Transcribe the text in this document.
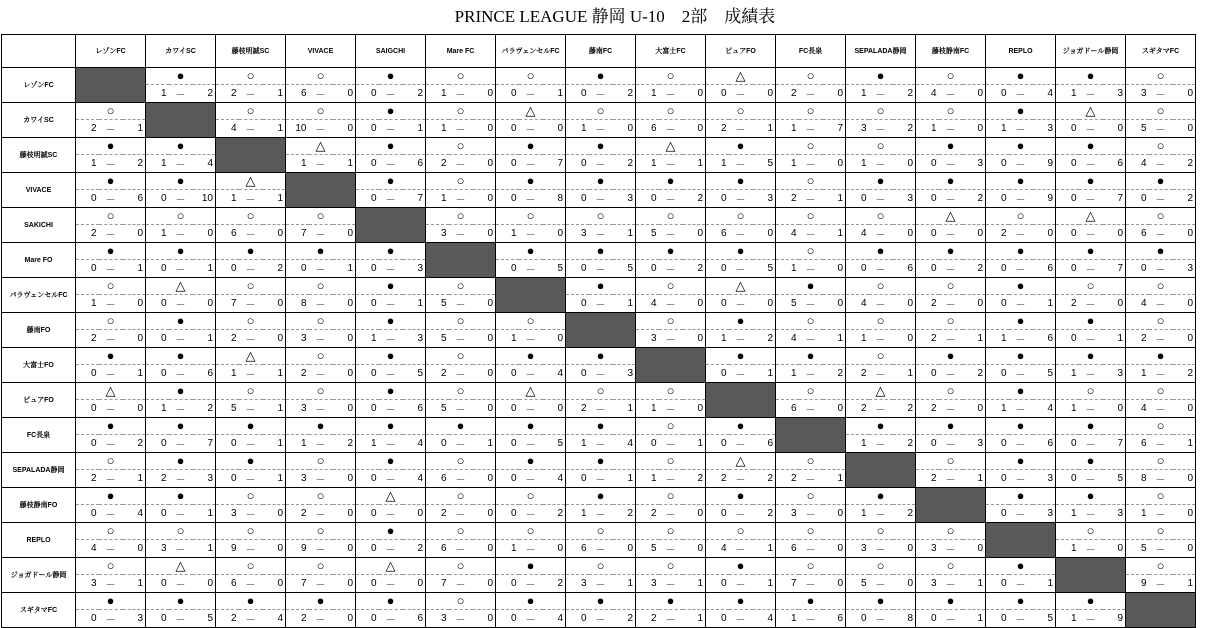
PRINCE LEAGUE 静岡 U-10　2部　成績表
	レゾンFC			カワイSC			藤枝明誠SC			VIVACE			SAIGCHI			Mare FC			パラヴェンセルFC			藤南FC			大富士FC			ピュアFO			FC長泉			SEPALADA静岡			藤枝静南FC			REPLO			ジョガドール静岡			スギタマFC		
レゾンFC				●			○			○			●			○			○			●			○			△			○			●			○			●			●			○		
				1	－	2	2	－	1	6	－	0	0	－	2	1	－	0	0	－	1	0	－	2	1	－	0	0	－	0	2	－	0	1	－	2	4	－	0	0	－	4	1	－	3	3	－	0
カワイSC	○						○			○			●			○			△			○			○			○			○			○			○			●			△			○		
	2	－	1				4	－	1	10	－	0	0	－	1	1	－	0	0	－	0	1	－	0	6	－	0	2	－	1	1	－	7	3	－	2	1	－	0	1	－	3	0	－	0	5	－	0
藤枝明誠SC	●			●						△			●			○			●			●			△			●			○			○			●			●			●			○		
	1	－	2	1	－	4				1	－	1	0	－	6	2	－	0	0	－	7	0	－	2	1	－	1	1	－	5	1	－	0	1	－	0	0	－	3	0	－	9	0	－	6	4	－	2
VIVACE	●			●			△						●			○			●			●			●			●			○			●			●			●			●			●		
	0	－	6	0	－	10	1	－	1				0	－	7	1	－	0	0	－	8	0	－	3	0	－	2	0	－	3	2	－	1	0	－	3	0	－	2	0	－	9	0	－	7	0	－	2
SAKICHI	○			○			○			○						○			○			○			○			○			○			○			△			○			△			○		
	2	－	0	1	－	0	6	－	0	7	－	0				3	－	0	1	－	0	3	－	1	5	－	0	6	－	0	4	－	1	4	－	0	0	－	0	2	－	0	0	－	0	6	－	0
Mare FO	●			●			●			●			●						●			●			●			●			○			●			●			●			●			●		
	0	－	1	0	－	1	0	－	2	0	－	1	0	－	3				0	－	5	0	－	5	0	－	2	0	－	5	1	－	0	0	－	6	0	－	2	0	－	6	0	－	7	0	－	3
パラヴェンセルFC	○			△			○			○			●			○						●			○			△			●			○			○			●			○			○		
	1	－	0	0	－	0	7	－	0	8	－	0	0	－	1	5	－	0				0	－	1	4	－	0	0	－	0	5	－	0	4	－	0	2	－	0	0	－	1	2	－	0	4	－	0
藤南FO	○			●			○			○			●			○			○						○			●			○			○			○			●			●			○		
	2	－	0	0	－	1	2	－	0	3	－	0	1	－	3	5	－	0	1	－	0				3	－	0	1	－	2	4	－	1	1	－	0	2	－	1	1	－	6	0	－	1	2	－	0
大富士FO	●			●			△			○			●			○			●			●						●			●			○			●			●			●			●		
	0	－	1	0	－	6	1	－	1	2	－	0	0	－	5	2	－	0	0	－	4	0	－	3				0	－	1	1	－	2	2	－	1	0	－	2	0	－	5	1	－	3	1	－	2
ピュアFO	△			●			○			○			●			○			△			○			○						○			△			○			●			○			○		
	0	－	0	1	－	2	5	－	1	3	－	0	0	－	6	5	－	0	0	－	0	2	－	1	1	－	0				6	－	0	2	－	2	2	－	0	1	－	4	1	－	0	4	－	0
FC長泉	●			●			●			●			●			●			●			●			○			●						●			●			●			●			○		
	0	－	2	0	－	7	0	－	1	1	－	2	1	－	4	0	－	1	0	－	5	1	－	4	0	－	1	0	－	6				1	－	2	0	－	3	0	－	6	0	－	7	6	－	1
SEPALADA静岡	○			●			●			○			●			○			●			●			○			△			○						○			●			●			○		
	2	－	1	2	－	3	0	－	1	3	－	0	0	－	4	6	－	0	0	－	4	0	－	1	1	－	2	2	－	2	2	－	1				2	－	1	0	－	3	0	－	5	8	－	0
藤枝静南FO	●			●			○			○			△			○			○			●			○			●			○			●						●			●			○		
	0	－	4	0	－	1	3	－	0	2	－	0	0	－	0	2	－	0	0	－	2	1	－	2	2	－	0	0	－	2	3	－	0	1	－	2				0	－	3	1	－	3	1	－	0
REPLO	○			○			○			○			●			○			○			○			○			○			○			○			○						○			○		
	4	－	0	3	－	1	9	－	0	9	－	0	0	－	2	6	－	0	1	－	0	6	－	0	5	－	0	4	－	1	6	－	0	3	－	0	3	－	0				1	－	0	5	－	0
ジョガドール静岡	○			△			○			○			△			○			●			○			○			●			○			○			○			●						○		
	3	－	1	0	－	0	6	－	0	7	－	0	0	－	0	7	－	0	0	－	2	3	－	1	3	－	1	0	－	1	7	－	0	5	－	0	3	－	1	0	－	1				9	－	1
スギタマFC	●			●			●			●			●			○			●			●			●			●			●			●			●			●			●					
	0	－	3	0	－	5	2	－	4	2	－	0	0	－	6	3	－	0	0	－	4	0	－	2	2	－	1	0	－	4	1	－	6	0	－	8	0	－	1	0	－	5	1	－	9			
